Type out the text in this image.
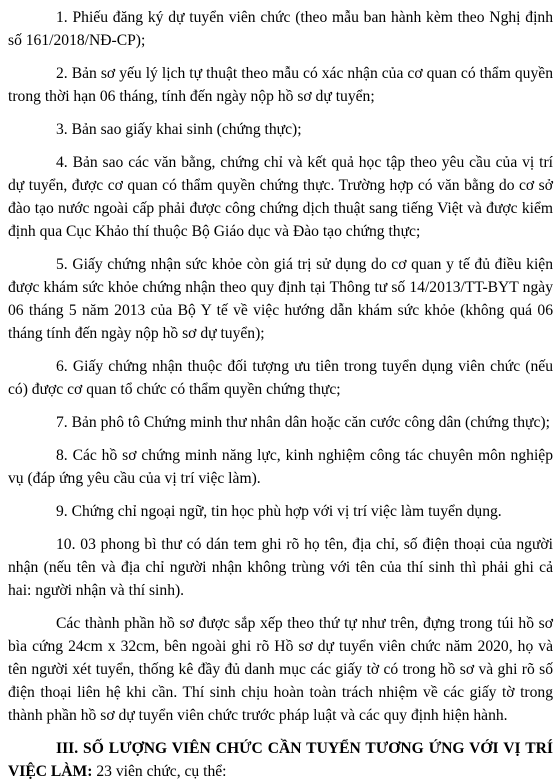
1. Phiếu đăng ký dự tuyển viên chức (theo mẫu ban hành kèm theo Nghị định số 161/2018/NĐ-CP);

2. Bản sơ yếu lý lịch tự thuật theo mẫu có xác nhận của cơ quan có thẩm quyền trong thời hạn 06 tháng, tính đến ngày nộp hồ sơ dự tuyển;

3. Bản sao giấy khai sinh (chứng thực);

4. Bản sao các văn bằng, chứng chỉ và kết quả học tập theo yêu cầu của vị trí dự tuyển, được cơ quan có thẩm quyền chứng thực. Trường hợp có văn bằng do cơ sở đào tạo nước ngoài cấp phải được công chứng dịch thuật sang tiếng Việt và được kiểm định qua Cục Khảo thí thuộc Bộ Giáo dục và Đào tạo chứng thực;

5. Giấy chứng nhận sức khỏe còn giá trị sử dụng do cơ quan y tế đủ điều kiện được khám sức khỏe chứng nhận theo quy định tại Thông tư số 14/2013/TT-BYT ngày 06 tháng 5 năm 2013 của Bộ Y tế về việc hướng dẫn khám sức khỏe (không quá 06 tháng tính đến ngày nộp hồ sơ dự tuyển);

6. Giấy chứng nhận thuộc đối tượng ưu tiên trong tuyển dụng viên chức (nếu có) được cơ quan tổ chức có thẩm quyền chứng thực;

7. Bản phô tô Chứng minh thư nhân dân hoặc căn cước công dân (chứng thực);

8. Các hồ sơ chứng minh năng lực, kinh nghiệm công tác chuyên môn nghiệp vụ (đáp ứng yêu cầu của vị trí việc làm).

9. Chứng chỉ ngoại ngữ, tin học phù hợp với vị trí việc làm tuyển dụng.

10. 03 phong bì thư có dán tem ghi rõ họ tên, địa chỉ, số điện thoại của người nhận (nếu tên và địa chỉ người nhận không trùng với tên của thí sinh thì phải ghi cả hai: người nhận và thí sinh).

Các thành phần hồ sơ được sắp xếp theo thứ tự như trên, đựng trong túi hồ sơ bìa cứng 24cm x 32cm, bên ngoài ghi rõ Hồ sơ dự tuyển viên chức năm 2020, họ và tên người xét tuyển, thống kê đầy đủ danh mục các giấy tờ có trong hồ sơ và ghi rõ số điện thoại liên hệ khi cần. Thí sinh chịu hoàn toàn trách nhiệm về các giấy tờ trong thành phần hồ sơ dự tuyển viên chức trước pháp luật và các quy định hiện hành.

III. SỐ LƯỢNG VIÊN CHỨC CẦN TUYỂN TƯƠNG ỨNG VỚI VỊ TRÍ VIỆC LÀM: 23 viên chức, cụ thể:
